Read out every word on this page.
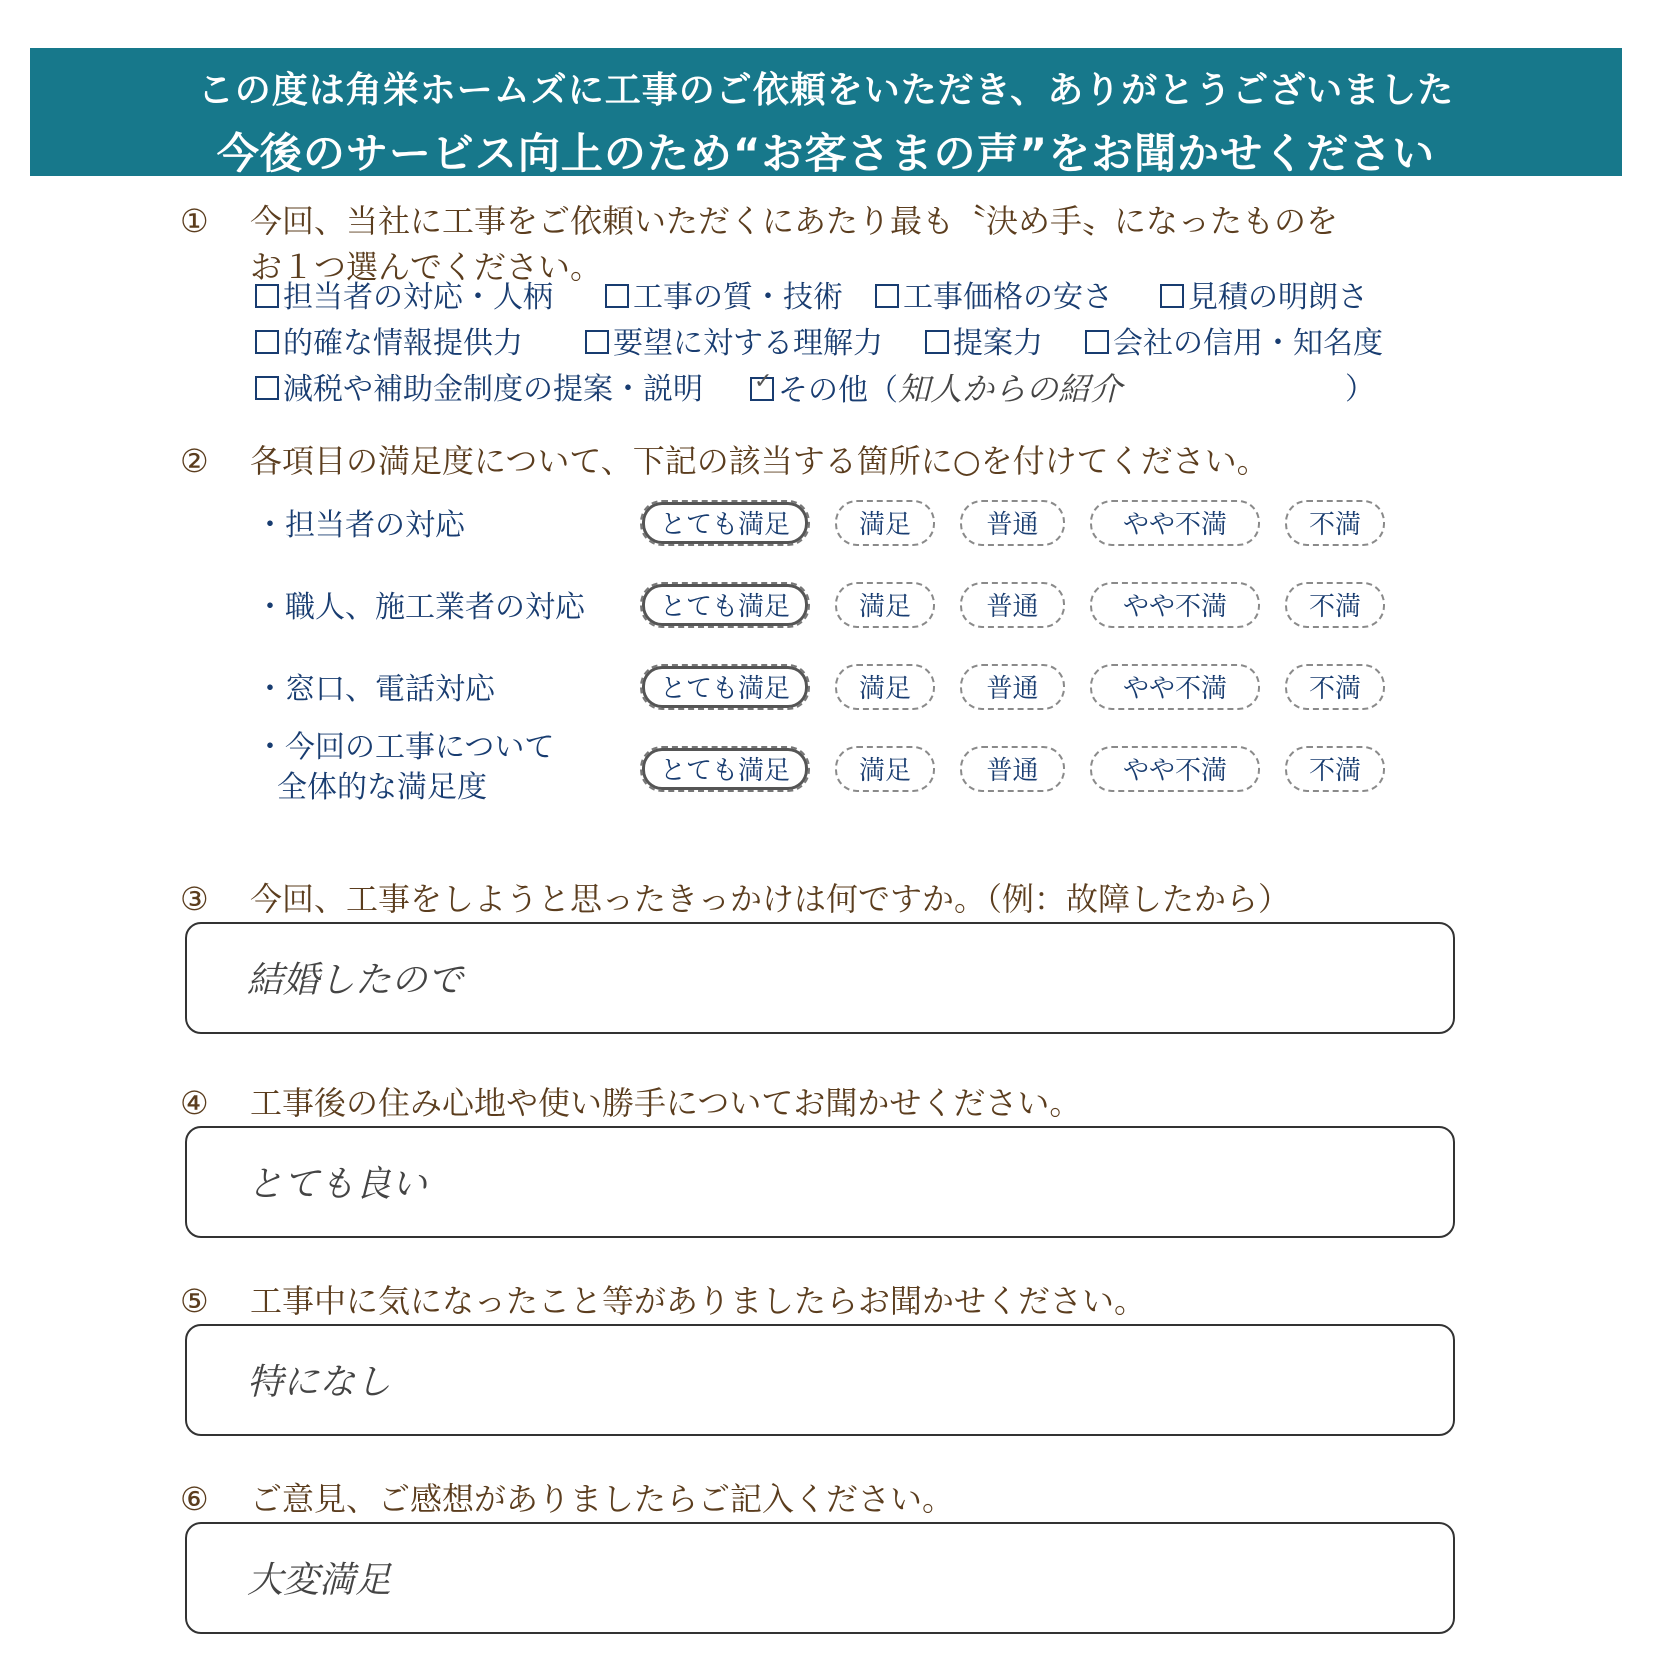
この度は角栄ホームズに工事のご依頼をいただき、ありがとうございました
今後のサービス向上のため“お客さまの声”をお聞かせください
① 今回、当社に工事をご依頼いただくにあたり最も〝決め手〟になったものを
お１つ選んでください。
担当者の対応・人柄	工事の質・技術	工事価格の安さ	見積の明朗さ
的確な情報提供力	要望に対する理解力	提案力	会社の信用・知名度
減税や補助金制度の提案・説明 ✓	その他（知人からの紹介	）
② 各項目の満足度について、下記の該当する箇所に○を付けてください。
・担当者の対応	とても満足	満足	普通	やや不満	不満
・職人、施工業者の対応	とても満足	満足	普通	やや不満	不満
・窓口、電話対応	とても満足	満足	普通	やや不満	不満
・今回の工事について
全体的な満足度	とても満足	満足	普通	やや不満	不満
③ 今回、工事をしようと思ったきっかけは何ですか。（例：故障したから）
結婚したので
④ 工事後の住み心地や使い勝手についてお聞かせください。
とても良い
⑤ 工事中に気になったこと等がありましたらお聞かせください。
特になし
⑥ ご意見、ご感想がありましたらご記入ください。
大変満足
